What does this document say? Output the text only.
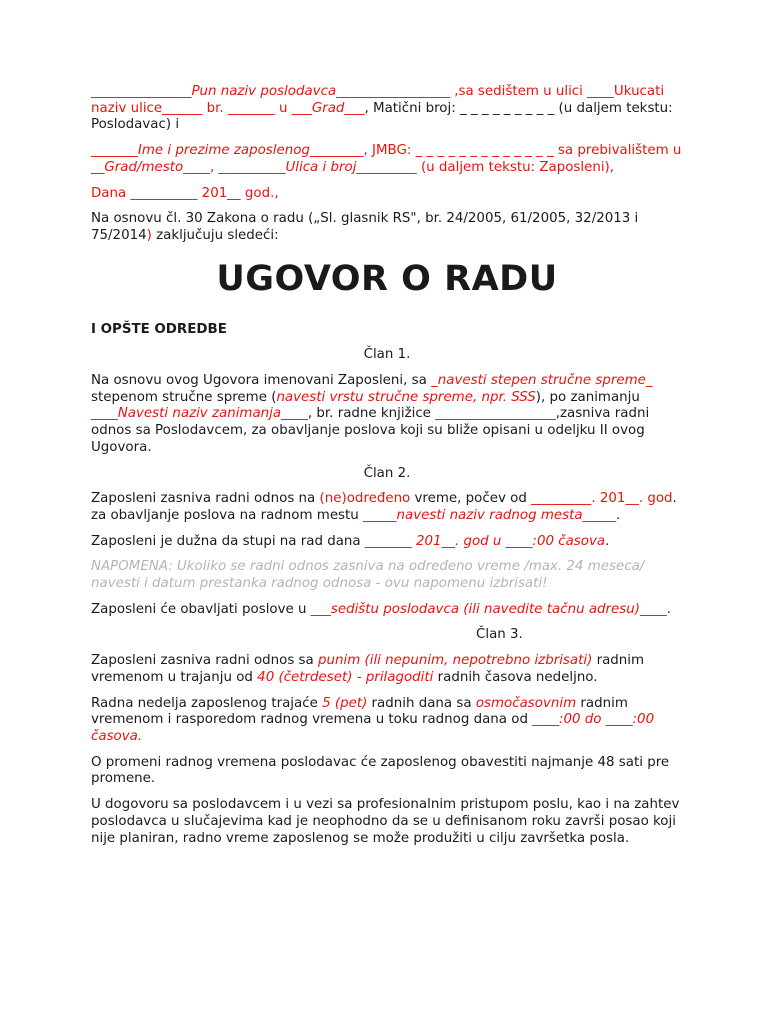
_______________Pun naziv poslodavca_________________ ,sa sedištem u ulici ____Ukucati naziv ulice______ br. _______ u ___Grad___, Matični broj: _ _ _ _ _ _ _ _ _ (u daljem tekstu: Poslodavac) i

_______Ime i prezime zaposlenog________, JMBG: _ _ _ _ _ _ _ _ _ _ _ _ _ sa prebivalištem u __Grad/mesto____, __________Ulica i broj_________ (u daljem tekstu: Zaposleni),

Dana __________ 201__ god.,

Na osnovu čl. 30 Zakona o radu („Sl. glasnik RS", br. 24/2005, 61/2005, 32/2013 i 75/2014) zaključuju sledeći:

UGOVOR O RADU

I OPŠTE ODREDBE

Član 1.

Na osnovu ovog Ugovora imenovani Zaposleni, sa _navesti stepen stručne spreme_ stepenom stručne spreme (navesti vrstu stručne spreme, npr. SSS), po zanimanju ____Navesti naziv zanimanja____, br. radne knjižice __________________,zasniva radni odnos sa Poslodavcem, za obavljanje poslova koji su bliže opisani u odeljku II ovog Ugovora.

Član 2.

Zaposleni zasniva radni odnos na (ne)određeno vreme, počev od _________. 201__. god. za obavljanje poslova na radnom mestu _____navesti naziv radnog mesta_____.

Zaposleni je dužna da stupi na rad dana _______ 201__. god u ____:00 časova.

NAPOMENA: Ukoliko se radni odnos zasniva na određeno vreme /max. 24 meseca/ navesti i datum prestanka radnog odnosa - ovu napomenu izbrisati!

Zaposleni će obavljati poslove u ___sedištu poslodavca (ili navedite tačnu adresu)____.

Član 3.

Zaposleni zasniva radni odnos sa punim (ili nepunim, nepotrebno izbrisati) radnim vremenom u trajanju od 40 (četrdeset) - prilagoditi radnih časova nedeljno.

Radna nedelja zaposlenog trajaće 5 (pet) radnih dana sa osmočasovnim radnim vremenom i rasporedom radnog vremena u toku radnog dana od ____:00 do ____:00 časova.

O promeni radnog vremena poslodavac će zaposlenog obavestiti najmanje 48 sati pre promene.

U dogovoru sa poslodavcem i u vezi sa profesionalnim pristupom poslu, kao i na zahtev poslodavca u slučajevima kad je neophodno da se u definisanom roku završi posao koji nije planiran, radno vreme zaposlenog se može produžiti u cilju završetka posla.
